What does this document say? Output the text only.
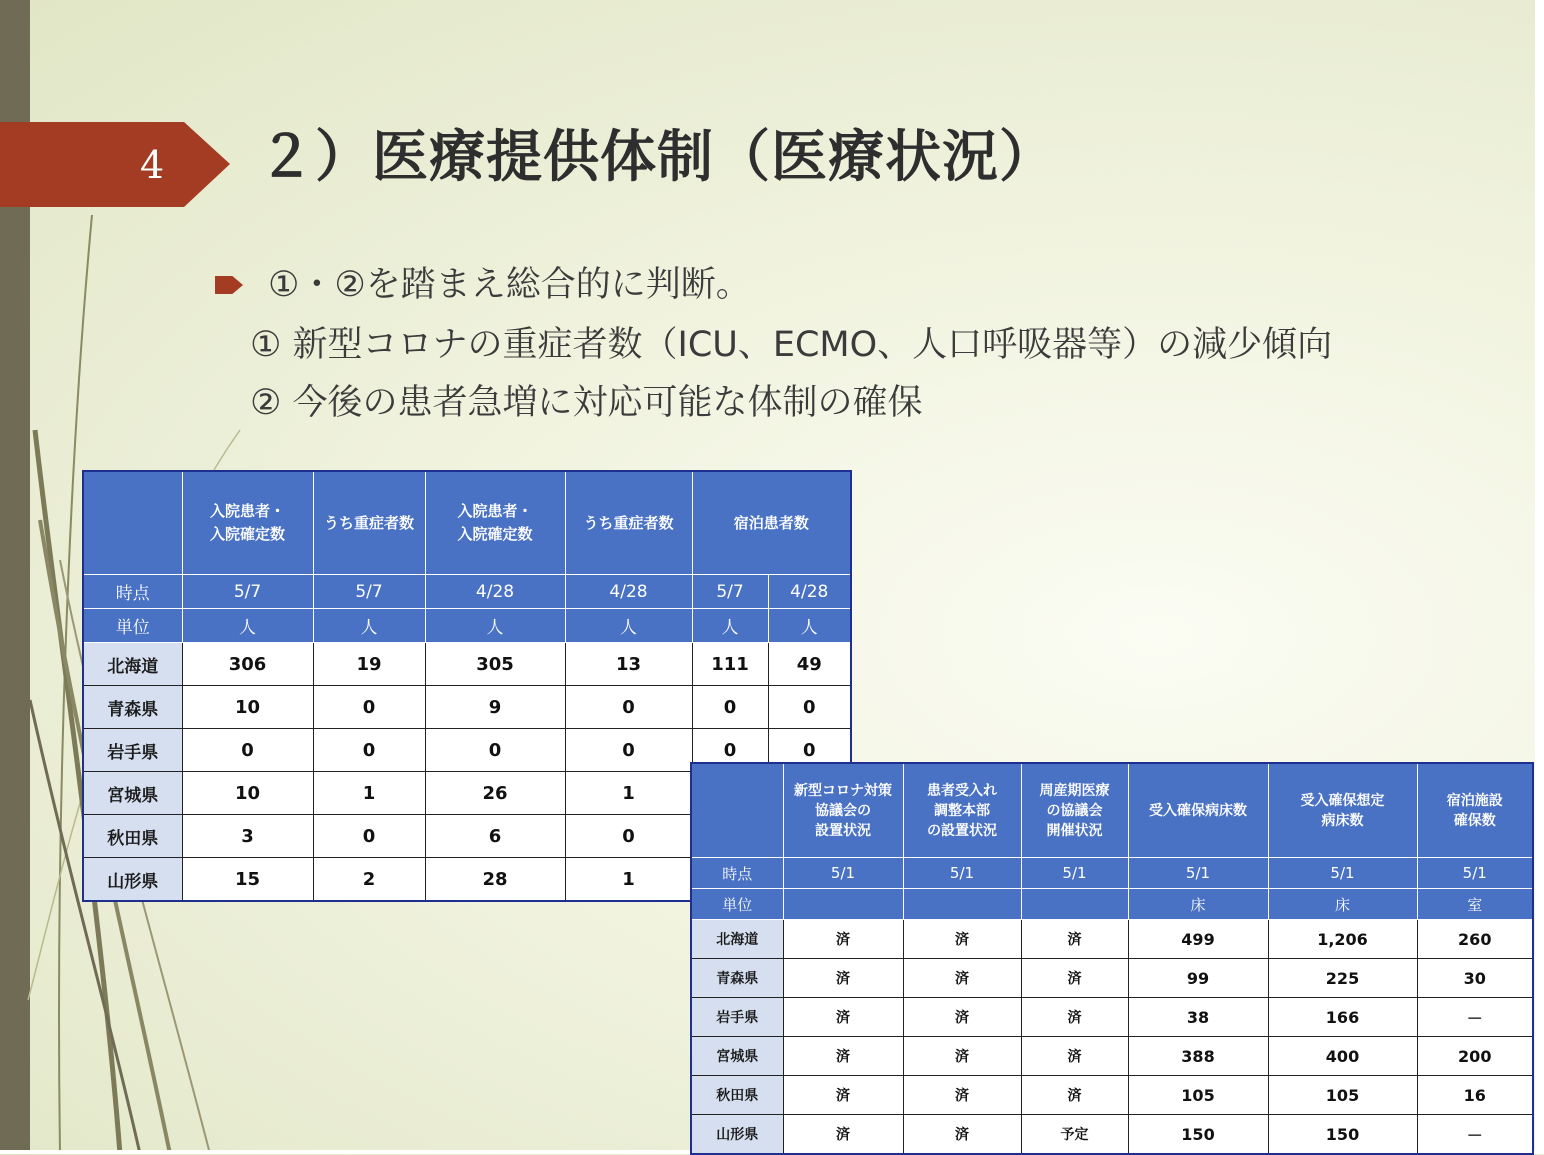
4 ２）医療提供体制（医療状況）
①・②を踏まえ総合的に判断。
① 新型コロナの重症者数（ICU、ECMO、人口呼吸器等）の減少傾向
② 今後の患者急増に対応可能な体制の確保
	入院患者・
入院確定数	うち重症者数	入院患者・
入院確定数	うち重症者数	宿泊患者数	
時点	5/7	5/7	4/28	4/28	5/7	4/28
単位	人	人	人	人	人	人
北海道	306	19	305	13	111	49
青森県	10	0	9	0	0	0
岩手県	0	0	0	0	0	0
宮城県	10	1	26	1		
秋田県	3	0	6	0		
山形県	15	2	28	1		
	新型コロナ対策
協議会の
設置状況	患者受入れ
調整本部
の設置状況	周産期医療
の協議会
開催状況	受入確保病床数	受入確保想定
病床数	宿泊施設
確保数
時点	5/1	5/1	5/1	5/1	5/1	5/1
単位				床	床	室
北海道	済	済	済	499	1,206	260
青森県	済	済	済	99	225	30
岩手県	済	済	済	38	166	－
宮城県	済	済	済	388	400	200
秋田県	済	済	済	105	105	16
山形県	済	済	予定	150	150	－
